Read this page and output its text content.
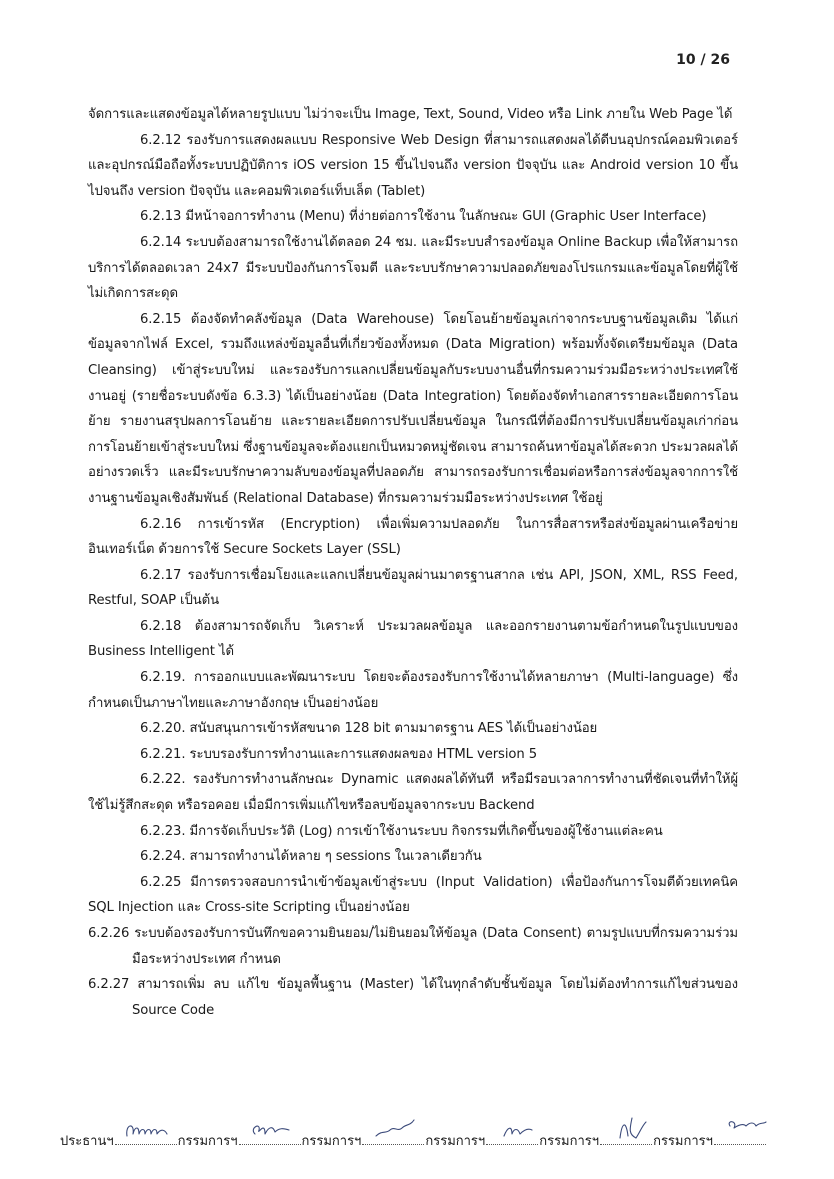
10 / 26

จัดการและแสดงข้อมูลได้หลายรูปแบบ ไม่ว่าจะเป็น Image, Text, Sound, Video หรือ Link ภายใน Web Page ได้

6.2.12 รองรับการแสดงผลแบบ Responsive Web Design ที่สามารถแสดงผลได้ดีบนอุปกรณ์คอมพิวเตอร์และอุปกรณ์มือถือทั้งระบบปฏิบัติการ iOS version 15 ขึ้นไปจนถึง version ปัจจุบัน และ Android version 10 ขึ้นไปจนถึง version ปัจจุบัน และคอมพิวเตอร์แท็บเล็ต (Tablet)

6.2.13 มีหน้าจอการทำงาน (Menu) ที่ง่ายต่อการใช้งาน ในลักษณะ GUI (Graphic User Interface)

6.2.14 ระบบต้องสามารถใช้งานได้ตลอด 24 ชม. และมีระบบสำรองข้อมูล Online Backup เพื่อให้สามารถบริการได้ตลอดเวลา 24x7 มีระบบป้องกันการโจมตี และระบบรักษาความปลอดภัยของโปรแกรมและข้อมูลโดยที่ผู้ใช้ไม่เกิดการสะดุด

6.2.15 ต้องจัดทำคลังข้อมูล (Data Warehouse) โดยโอนย้ายข้อมูลเก่าจากระบบฐานข้อมูลเดิม ได้แก่ ข้อมูลจากไฟล์ Excel, รวมถึงแหล่งข้อมูลอื่นที่เกี่ยวข้องทั้งหมด (Data Migration) พร้อมทั้งจัดเตรียมข้อมูล (Data Cleansing) เข้าสู่ระบบใหม่ และรองรับการแลกเปลี่ยนข้อมูลกับระบบงานอื่นที่กรมความร่วมมือระหว่างประเทศใช้งานอยู่ (รายชื่อระบบดังข้อ 6.3.3) ได้เป็นอย่างน้อย (Data Integration) โดยต้องจัดทำเอกสารรายละเอียดการโอนย้าย รายงานสรุปผลการโอนย้าย และรายละเอียดการปรับเปลี่ยนข้อมูล ในกรณีที่ต้องมีการปรับเปลี่ยนข้อมูลเก่าก่อนการโอนย้ายเข้าสู่ระบบใหม่ ซึ่งฐานข้อมูลจะต้องแยกเป็นหมวดหมู่ชัดเจน สามารถค้นหาข้อมูลได้สะดวก ประมวลผลได้อย่างรวดเร็ว และมีระบบรักษาความลับของข้อมูลที่ปลอดภัย สามารถรองรับการเชื่อมต่อหรือการส่งข้อมูลจากการใช้งานฐานข้อมูลเชิงสัมพันธ์ (Relational Database) ที่กรมความร่วมมือระหว่างประเทศ ใช้อยู่

6.2.16 การเข้ารหัส (Encryption) เพื่อเพิ่มความปลอดภัย ในการสื่อสารหรือส่งข้อมูลผ่านเครือข่ายอินเทอร์เน็ต ด้วยการใช้ Secure Sockets Layer (SSL)

6.2.17 รองรับการเชื่อมโยงและแลกเปลี่ยนข้อมูลผ่านมาตรฐานสากล เช่น API, JSON, XML, RSS Feed, Restful, SOAP เป็นต้น

6.2.18 ต้องสามารถจัดเก็บ วิเคราะห์ ประมวลผลข้อมูล และออกรายงานตามข้อกำหนดในรูปแบบของ Business Intelligent ได้

6.2.19. การออกแบบและพัฒนาระบบ โดยจะต้องรองรับการใช้งานได้หลายภาษา (Multi-language) ซึ่งกำหนดเป็นภาษาไทยและภาษาอังกฤษ เป็นอย่างน้อย

6.2.20. สนับสนุนการเข้ารหัสขนาด 128 bit ตามมาตรฐาน AES ได้เป็นอย่างน้อย

6.2.21. ระบบรองรับการทำงานและการแสดงผลของ HTML version 5

6.2.22. รองรับการทำงานลักษณะ Dynamic แสดงผลได้ทันที หรือมีรอบเวลาการทำงานที่ชัดเจนที่ทำให้ผู้ใช้ไม่รู้สึกสะดุด หรือรอคอย เมื่อมีการเพิ่มแก้ไขหรือลบข้อมูลจากระบบ Backend

6.2.23. มีการจัดเก็บประวัติ (Log) การเข้าใช้งานระบบ กิจกรรมที่เกิดขึ้นของผู้ใช้งานแต่ละคน

6.2.24. สามารถทำงานได้หลาย ๆ sessions ในเวลาเดียวกัน

6.2.25 มีการตรวจสอบการนำเข้าข้อมูลเข้าสู่ระบบ (Input Validation) เพื่อป้องกันการโจมตีด้วยเทคนิค SQL Injection และ Cross-site Scripting เป็นอย่างน้อย

6.2.26 ระบบต้องรองรับการบันทึกขอความยินยอม/ไม่ยินยอมให้ข้อมูล (Data Consent) ตามรูปแบบที่กรมความร่วมมือระหว่างประเทศ กำหนด

6.2.27 สามารถเพิ่ม ลบ แก้ไข ข้อมูลพื้นฐาน (Master) ได้ในทุกลำดับชั้นข้อมูล โดยไม่ต้องทำการแก้ไขส่วนของ Source Code

ประธานฯ	กรรมการฯ	กรรมการฯ	กรรมการฯ	กรรมการฯ	กรรมการฯ
